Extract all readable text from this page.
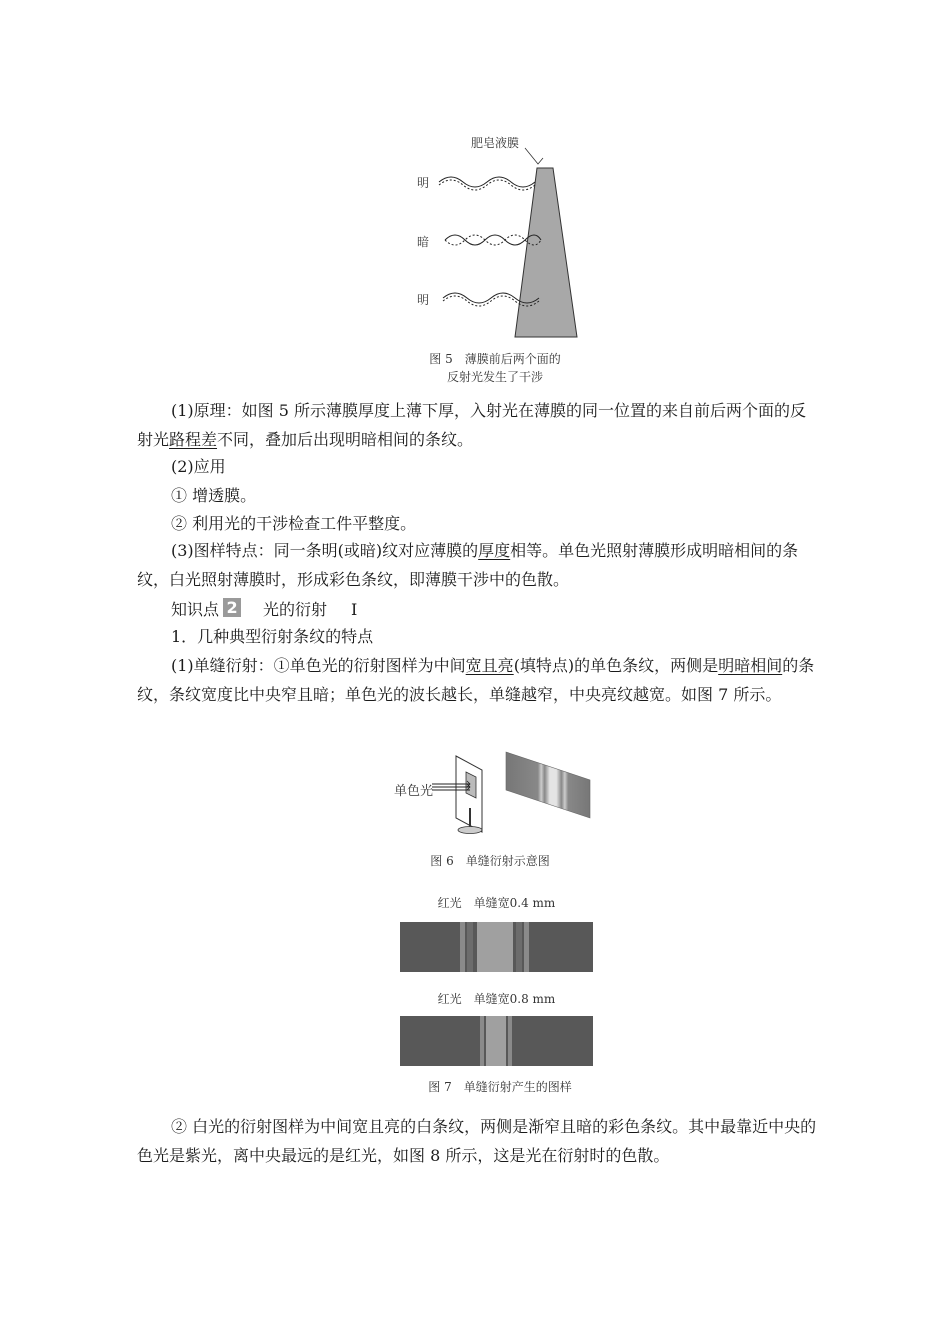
肥皂液膜
明
暗
明
图 5　薄膜前后两个面的
反射光发生了干涉
(1)原理：如图 5 所示薄膜厚度上薄下厚，入射光在薄膜的同一位置的来自前后两个面的反射光路程差不同，叠加后出现明暗相间的条纹。
(2)应用
① 增透膜。
② 利用光的干涉检查工件平整度。
(3)图样特点：同一条明(或暗)纹对应薄膜的厚度相等。单色光照射薄膜形成明暗相间的条纹，白光照射薄膜时，形成彩色条纹，即薄膜干涉中的色散。
知识点 2 光的衍射 Ⅰ
1．几种典型衍射条纹的特点
(1)单缝衍射：①单色光的衍射图样为中间宽且亮(填特点)的单色条纹，两侧是明暗相间的条纹，条纹宽度比中央窄且暗；单色光的波长越长，单缝越窄，中央亮纹越宽。如图 7 所示。
单色光
图 6　单缝衍射示意图
红光　单缝宽0.4 mm
红光　单缝宽0.8 mm
图 7　单缝衍射产生的图样
② 白光的衍射图样为中间宽且亮的白条纹，两侧是渐窄且暗的彩色条纹。其中最靠近中央的色光是紫光，离中央最远的是红光，如图 8 所示，这是光在衍射时的色散。
